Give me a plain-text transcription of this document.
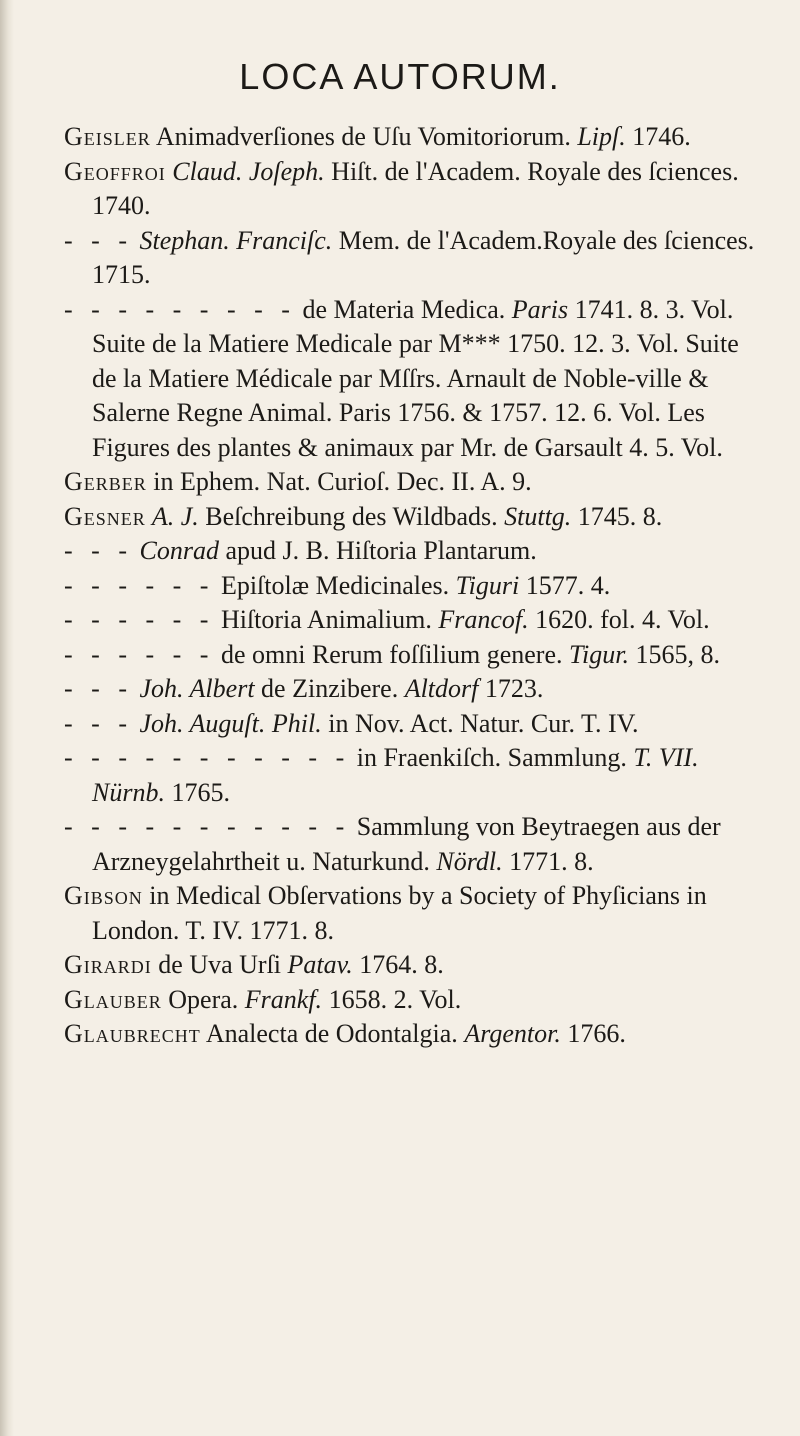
LOCA AUTORUM.

Geisler Animadverſiones de Uſu Vomitoriorum. Lipſ. 1746.

Geoffroi Claud. Joſeph. Hiſt. de l'Academ. Royale des ſciences. 1740.

- - - Stephan. Franciſc. Mem. de l'Academ.Royale des ſciences. 1715.

- - - - - - - - - de Materia Medica. Paris 1741. 8. 3. Vol. Suite de la Matiere Medicale par M*** 1750. 12. 3. Vol. Suite de la Matiere Médicale par Mſſrs. Arnault de Noble-ville & Salerne Regne Animal. Paris 1756. & 1757. 12. 6. Vol. Les Figures des plantes & animaux par Mr. de Garsault 4. 5. Vol.

Gerber in Ephem. Nat. Curioſ. Dec. II. A. 9.

Gesner A. J. Beſchreibung des Wildbads. Stuttg. 1745. 8.

- - - Conrad apud J. B. Hiſtoria Plantarum.

- - - - - - Epiſtolæ Medicinales. Tiguri 1577. 4.

- - - - - - Hiſtoria Animalium. Francof. 1620. fol. 4. Vol.

- - - - - - de omni Rerum foſſilium genere. Tigur. 1565, 8.

- - - Joh. Albert de Zinzibere. Altdorf 1723.

- - - Joh. Auguſt. Phil. in Nov. Act. Natur. Cur. T. IV.

- - - - - - - - - - - in Fraenkiſch. Sammlung. T. VII. Nürnb. 1765.

- - - - - - - - - - - Sammlung von Beytraegen aus der Arzneygelahrtheit u. Naturkund. Nördl. 1771. 8.

Gibson in Medical Obſervations by a Society of Phyſicians in London. T. IV. 1771. 8.

Girardi de Uva Urſi Patav. 1764. 8.

Glauber Opera. Frankf. 1658. 2. Vol.

Glaubrecht Analecta de Odontalgia. Argentor. 1766.
